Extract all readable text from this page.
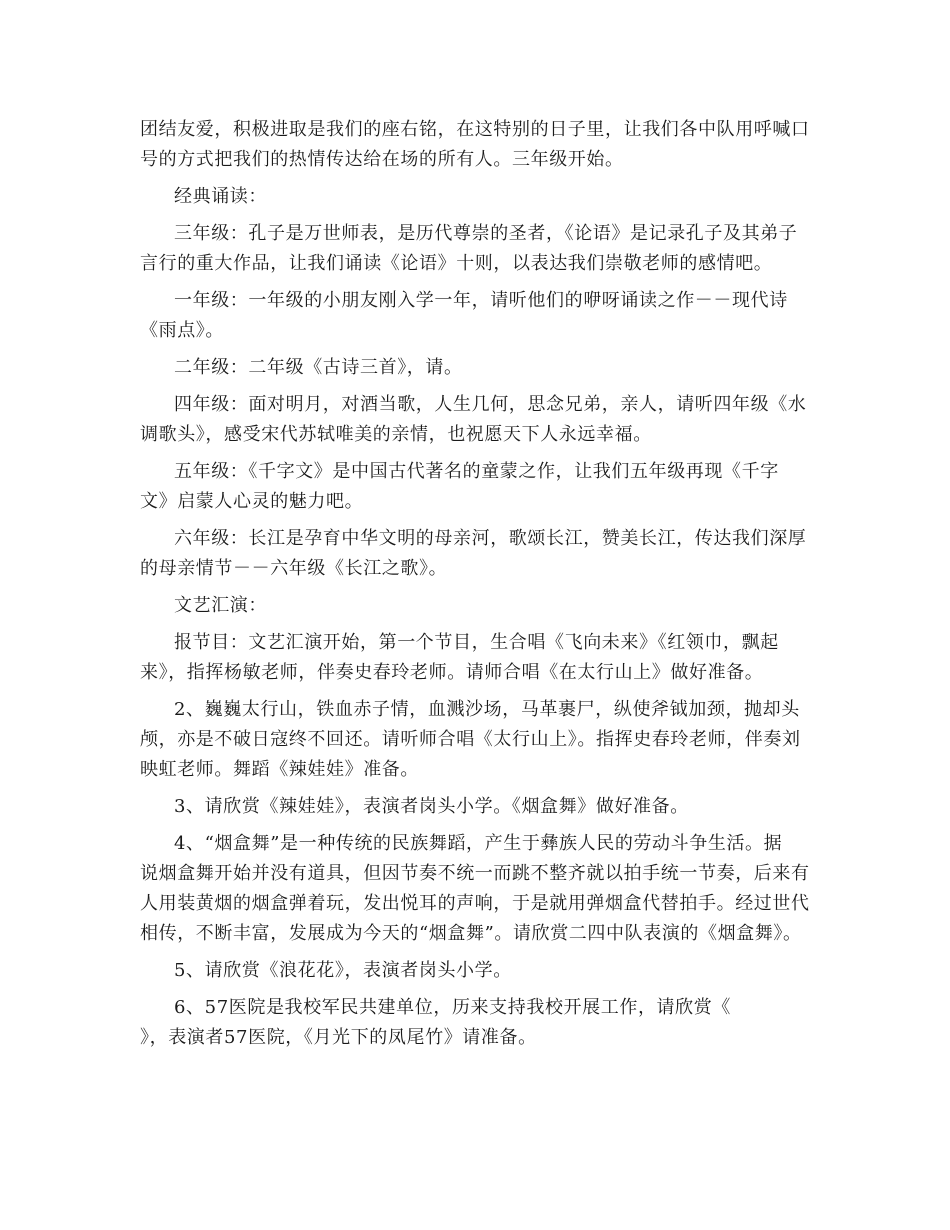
团结友爱，积极进取是我们的座右铭，在这特别的日子里，让我们各中队用呼喊口
号的方式把我们的热情传达给在场的所有人。三年级开始。
经典诵读：
三年级：孔子是万世师表，是历代尊崇的圣者，《论语》是记录孔子及其弟子
言行的重大作品，让我们诵读《论语》十则，以表达我们崇敬老师的感情吧。
一年级：一年级的小朋友刚入学一年，请听他们的咿呀诵读之作－－现代诗
《雨点》。
二年级：二年级《古诗三首》，请。
四年级：面对明月，对酒当歌，人生几何，思念兄弟，亲人，请听四年级《水
调歌头》，感受宋代苏轼唯美的亲情，也祝愿天下人永远幸福。
五年级：《千字文》是中国古代著名的童蒙之作，让我们五年级再现《千字
文》启蒙人心灵的魅力吧。
六年级：长江是孕育中华文明的母亲河，歌颂长江，赞美长江，传达我们深厚
的母亲情节－－六年级《长江之歌》。
文艺汇演：
报节目：文艺汇演开始，第一个节目，生合唱《飞向未来》《红领巾，飘起
来》，指挥杨敏老师，伴奏史春玲老师。请师合唱《在太行山上》做好准备。
2、巍巍太行山，铁血赤子情，血溅沙场，马革裹尸，纵使斧钺加颈，抛却头
颅，亦是不破日寇终不回还。请听师合唱《太行山上》。指挥史春玲老师，伴奏刘
映虹老师。舞蹈《辣娃娃》准备。
3、请欣赏《辣娃娃》，表演者岗头小学。《烟盒舞》做好准备。
4、“烟盒舞”是一种传统的民族舞蹈，产生于彝族人民的劳动斗争生活。据
说烟盒舞开始并没有道具，但因节奏不统一而跳不整齐就以拍手统一节奏，后来有
人用装黄烟的烟盒弹着玩，发出悦耳的声响，于是就用弹烟盒代替拍手。经过世代
相传，不断丰富，发展成为今天的“烟盒舞”。请欣赏二四中队表演的《烟盒舞》。
5、请欣赏《浪花花》，表演者岗头小学。
6、57医院是我校军民共建单位，历来支持我校开展工作，请欣赏《
》，表演者57医院，《月光下的凤尾竹》请准备。
